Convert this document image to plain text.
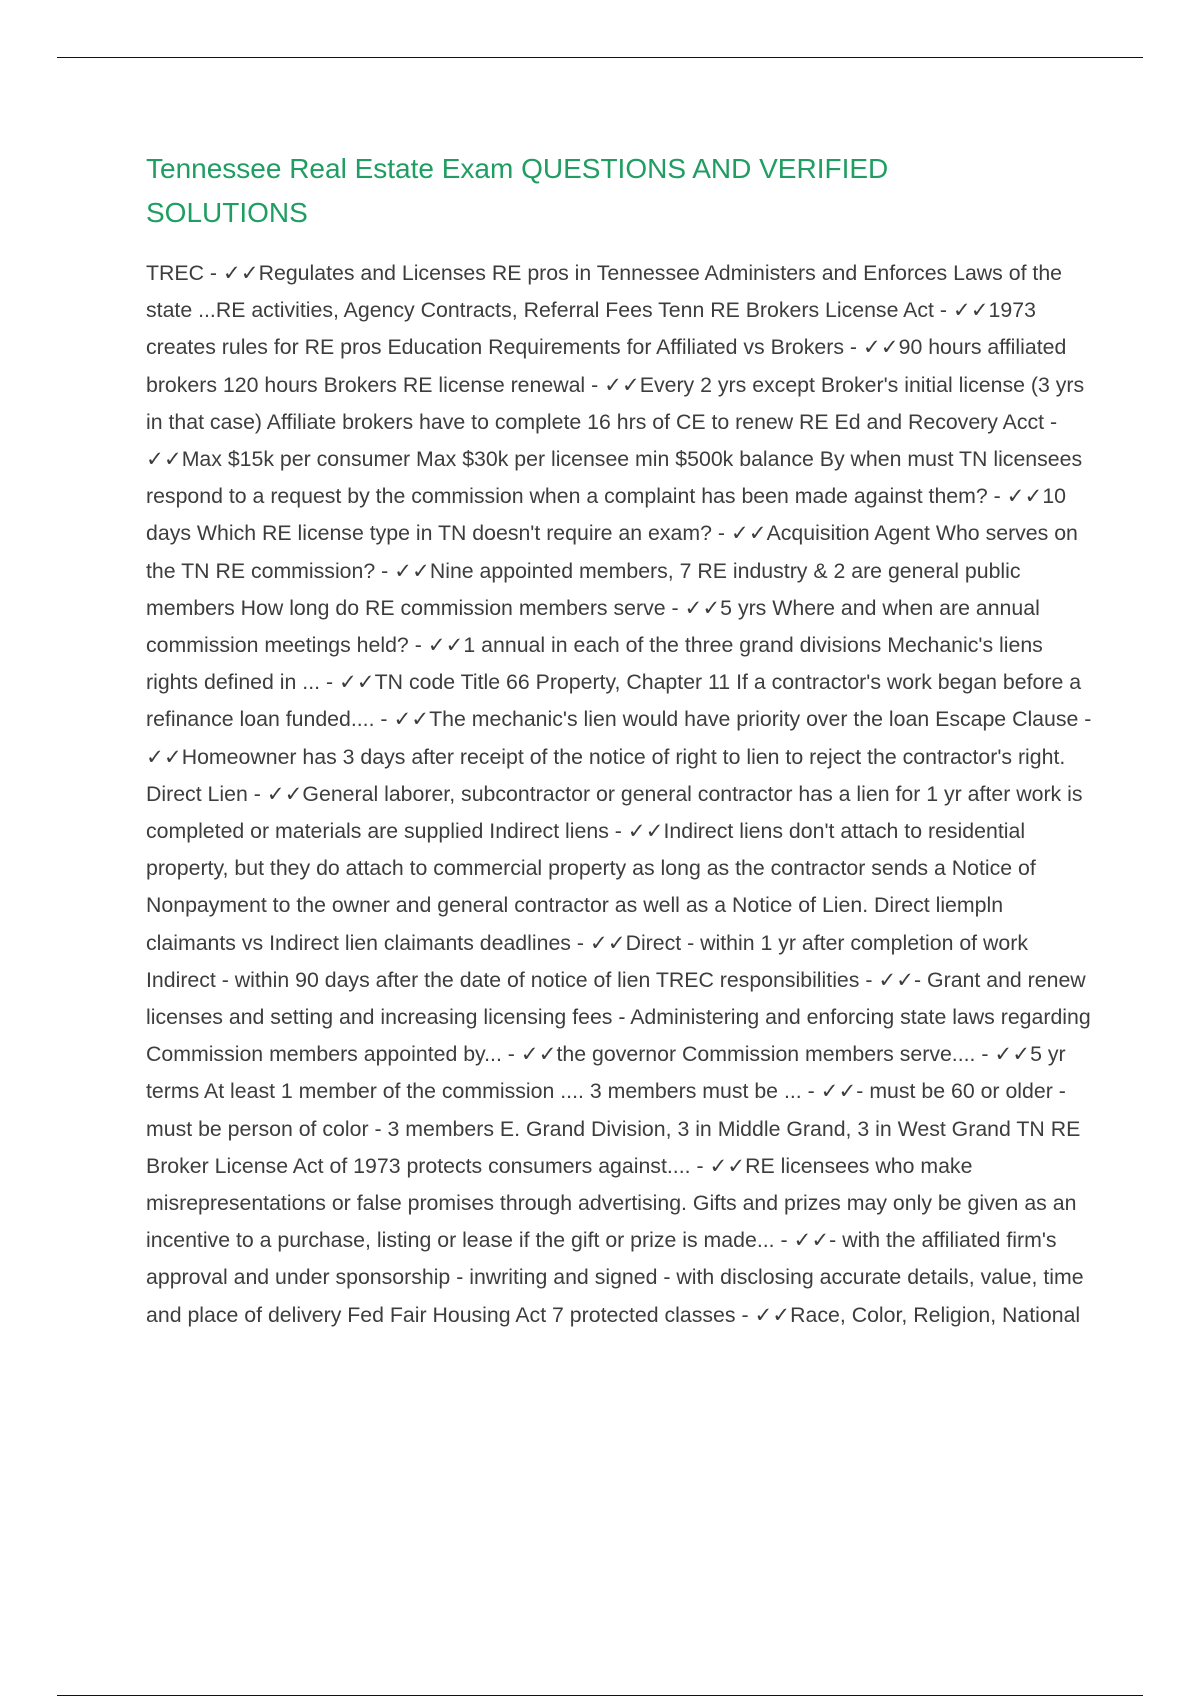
Tennessee Real Estate Exam QUESTIONS AND VERIFIED SOLUTIONS

TREC - ✓✓Regulates and Licenses RE pros in Tennessee Administers and Enforces Laws of the state ...RE activities, Agency Contracts, Referral Fees Tenn RE Brokers License Act - ✓✓1973 creates rules for RE pros Education Requirements for Affiliated vs Brokers - ✓✓90 hours affiliated brokers 120 hours Brokers RE license renewal - ✓✓Every 2 yrs except Broker's initial license (3 yrs in that case) Affiliate brokers have to complete 16 hrs of CE to renew RE Ed and Recovery Acct - ✓✓Max $15k per consumer Max $30k per licensee min $500k balance By when must TN licensees respond to a request by the commission when a complaint has been made against them? - ✓✓10 days Which RE license type in TN doesn't require an exam? - ✓✓Acquisition Agent Who serves on the TN RE commission? - ✓✓Nine appointed members, 7 RE industry & 2 are general public members How long do RE commission members serve - ✓✓5 yrs Where and when are annual commission meetings held? - ✓✓1 annual in each of the three grand divisions Mechanic's liens rights defined in ... - ✓✓TN code Title 66 Property, Chapter 11 If a contractor's work began before a refinance loan funded.... - ✓✓The mechanic's lien would have priority over the loan Escape Clause - ✓✓Homeowner has 3 days after receipt of the notice of right to lien to reject the contractor's right. Direct Lien - ✓✓General laborer, subcontractor or general contractor has a lien for 1 yr after work is completed or materials are supplied Indirect liens - ✓✓Indirect liens don't attach to residential property, but they do attach to commercial property as long as the contractor sends a Notice of Nonpayment to the owner and general contractor as well as a Notice of Lien. Direct liempln claimants vs Indirect lien claimants deadlines - ✓✓Direct - within 1 yr after completion of work Indirect - within 90 days after the date of notice of lien TREC responsibilities - ✓✓- Grant and renew licenses and setting and increasing licensing fees - Administering and enforcing state laws regarding Commission members appointed by... - ✓✓the governor Commission members serve.... - ✓✓5 yr terms At least 1 member of the commission .... 3 members must be ... - ✓✓- must be 60 or older - must be person of color - 3 members E. Grand Division, 3 in Middle Grand, 3 in West Grand TN RE Broker License Act of 1973 protects consumers against.... - ✓✓RE licensees who make misrepresentations or false promises through advertising. Gifts and prizes may only be given as an incentive to a purchase, listing or lease if the gift or prize is made... - ✓✓- with the affiliated firm's approval and under sponsorship - inwriting and signed - with disclosing accurate details, value, time and place of delivery Fed Fair Housing Act 7 protected classes - ✓✓Race, Color, Religion, National
